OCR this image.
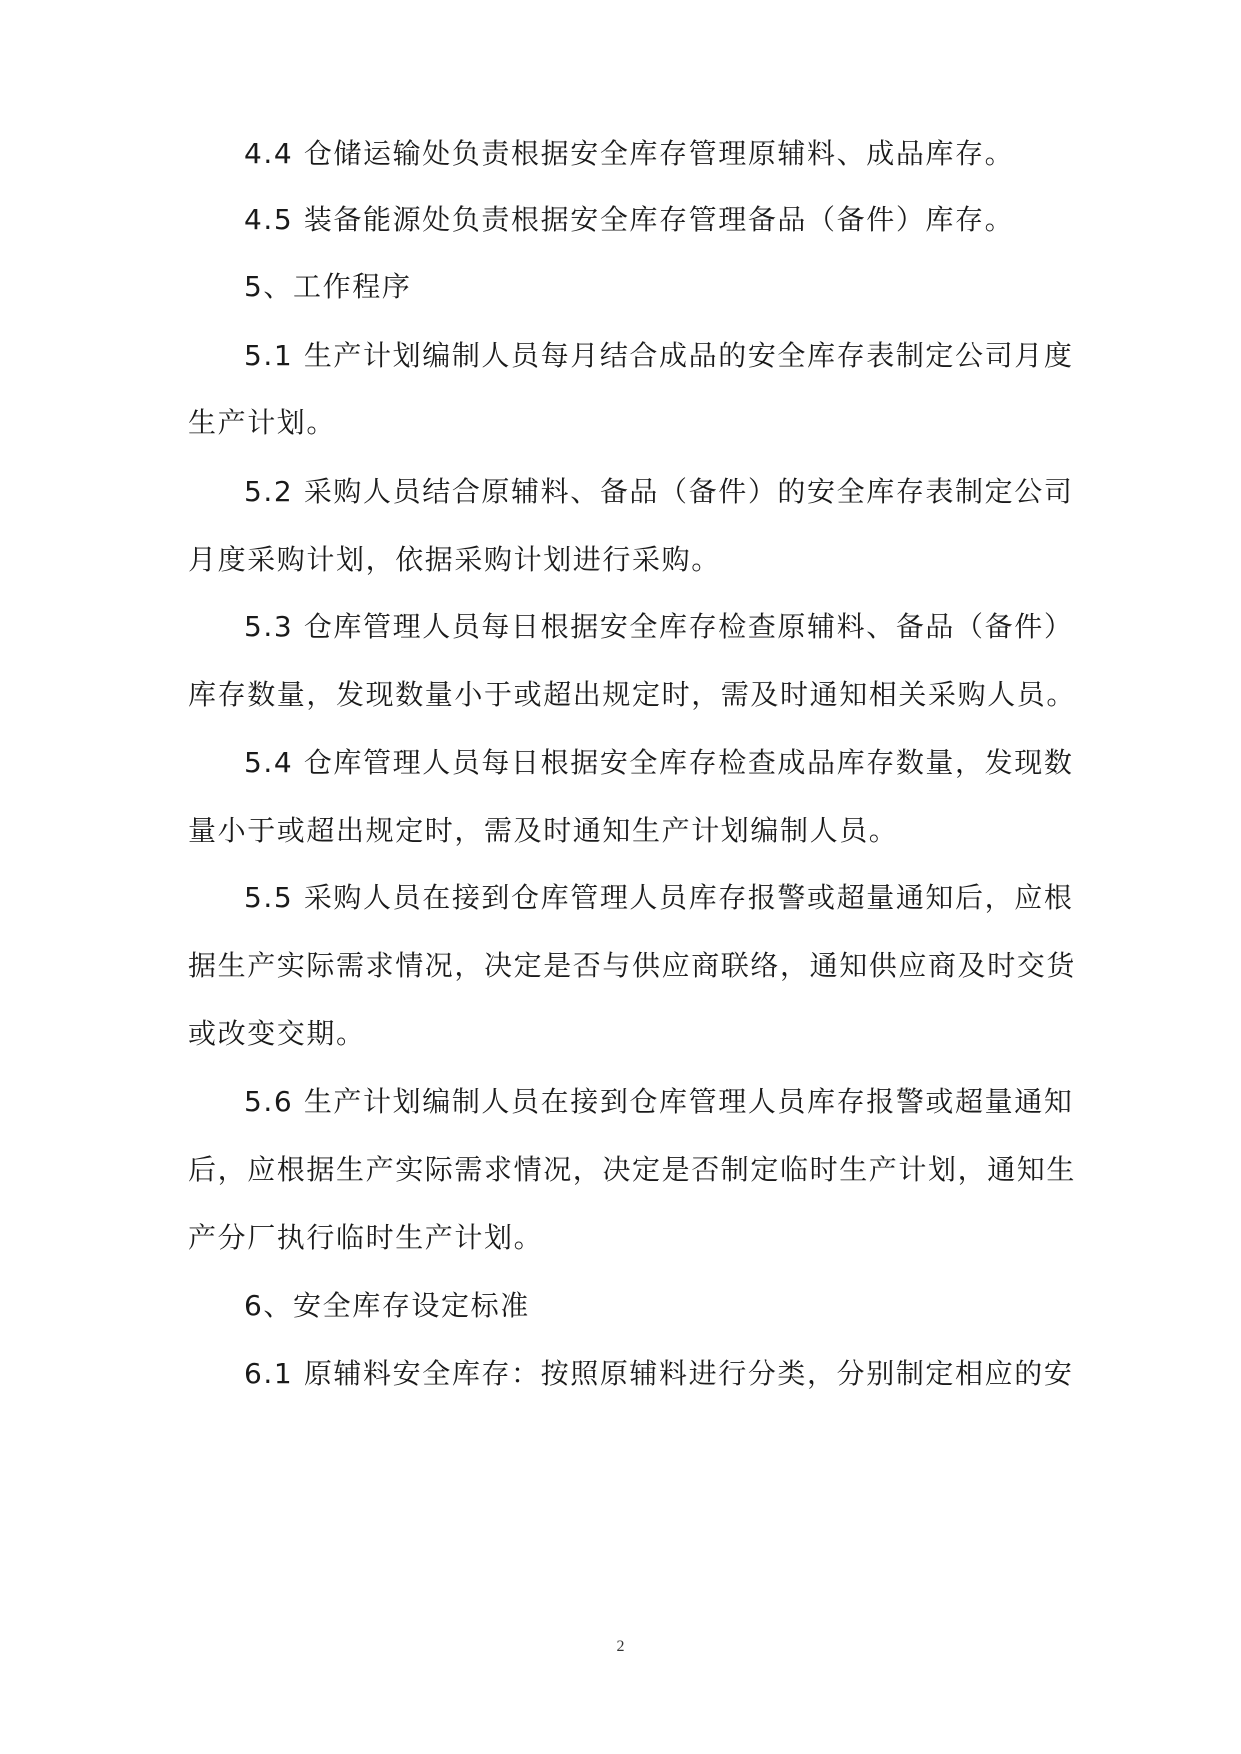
4.4 仓储运输处负责根据安全库存管理原辅料、成品库存。
4.5 装备能源处负责根据安全库存管理备品（备件）库存。
5、工作程序
5.1 生产计划编制人员每月结合成品的安全库存表制定公司月度
生产计划。
5.2 采购人员结合原辅料、备品（备件）的安全库存表制定公司
月度采购计划，依据采购计划进行采购。
5.3 仓库管理人员每日根据安全库存检查原辅料、备品（备件）
库存数量，发现数量小于或超出规定时，需及时通知相关采购人员。
5.4 仓库管理人员每日根据安全库存检查成品库存数量，发现数
量小于或超出规定时，需及时通知生产计划编制人员。
5.5 采购人员在接到仓库管理人员库存报警或超量通知后，应根
据生产实际需求情况，决定是否与供应商联络，通知供应商及时交货
或改变交期。
5.6 生产计划编制人员在接到仓库管理人员库存报警或超量通知
后，应根据生产实际需求情况，决定是否制定临时生产计划，通知生
产分厂执行临时生产计划。
6、安全库存设定标准
6.1 原辅料安全库存：按照原辅料进行分类，分别制定相应的安
2
